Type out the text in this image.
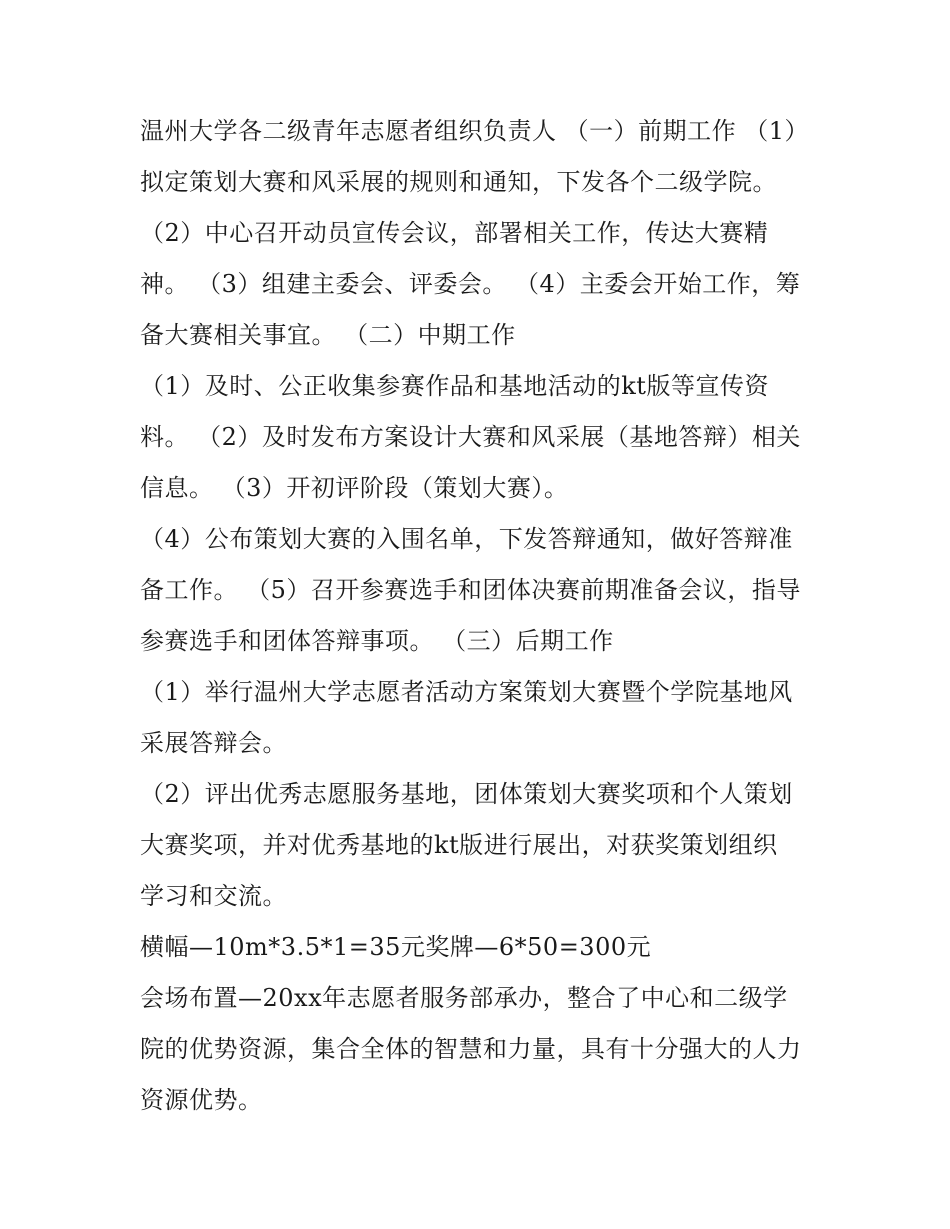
温州大学各二级青年志愿者组织负责人 （一）前期工作 （1）
拟定策划大赛和风采展的规则和通知，下发各个二级学院。
（2）中心召开动员宣传会议，部署相关工作，传达大赛精
神。 （3）组建主委会、评委会。 （4）主委会开始工作，筹
备大赛相关事宜。 （二）中期工作
（1）及时、公正收集参赛作品和基地活动的kt版等宣传资
料。 （2）及时发布方案设计大赛和风采展（基地答辩）相关
信息。 （3）开初评阶段（策划大赛）。
（4）公布策划大赛的入围名单，下发答辩通知，做好答辩准
备工作。 （5）召开参赛选手和团体决赛前期准备会议，指导
参赛选手和团体答辩事项。 （三）后期工作
（1）举行温州大学志愿者活动方案策划大赛暨个学院基地风
采展答辩会。
（2）评出优秀志愿服务基地，团体策划大赛奖项和个人策划
大赛奖项，并对优秀基地的kt版进行展出，对获奖策划组织
学习和交流。
横幅—10m*3.5*1=35元奖牌—6*50=300元
会场布置—20xx年志愿者服务部承办，整合了中心和二级学
院的优势资源，集合全体的智慧和力量，具有十分强大的人力
资源优势。
